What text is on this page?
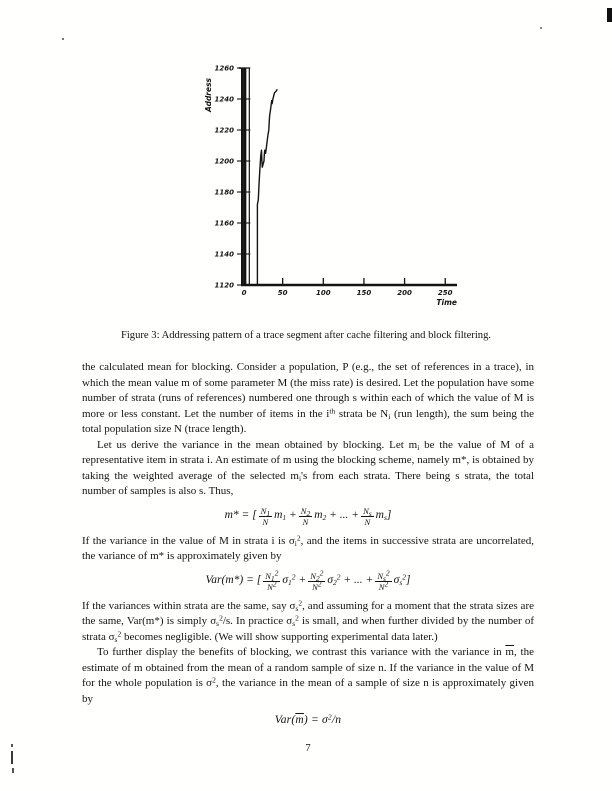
1120
1140
1160
1180
1200
1220
1240
1260
0	50	100	150	200	250
Time
Address
Figure 3: Addressing pattern of a trace segment after cache filtering and block filtering.

the calculated mean for blocking. Consider a population, P (e.g., the set of references in a trace), in which the mean value m of some parameter M (the miss rate) is desired. Let the population have some number of strata (runs of references) numbered one through s within each of which the value of M is more or less constant. Let the number of items in the $i^{th}$ strata be $N_i$ (run length), the sum being the total population size N (trace length).

Let us derive the variance in the mean obtained by blocking. Let $m_i$ be the value of M of a representative item in strata i. An estimate of m using the blocking scheme, namely m*, is obtained by taking the weighted average of the selected $m_i's$ from each strata. There being s strata, the total number of samples is also s. Thus,

m* = [ $\frac{N_1}{N} m_1 + \frac{N_2}{N} m_2$ + ... + $\frac{N_s}{N} m_s$]

If the variance in the value of M in strata i is $\sigma_i^2$, and the items in successive strata are uncorrelated, the variance of m* is approximately given by

Var(m*) = [ $\frac{N_1^2}{N^2} \sigma_1^2 + \frac{N_2^2}{N^2} \sigma_2^2$ + ... + $\frac{N_s^2}{N^2} \sigma_s^2$]

If the variances within strata are the same, say $\sigma_s^2$, and assuming for a moment that the strata sizes are the same, Var(m*) is simply $\sigma_s^2/s$. In practice $\sigma_s^2$ is small, and when further divided by the number of strata $\sigma_s^2$ becomes negligible. (We will show supporting experimental data later.)

To further display the benefits of blocking, we contrast this variance with the variance in $\overline{m}$, the estimate of m obtained from the mean of a random sample of size n. If the variance in the value of M for the whole population is $\sigma^2$, the variance in the mean of a sample of size n is approximately given by

$Var(\overline{m}) = \sigma^2/n$
7
